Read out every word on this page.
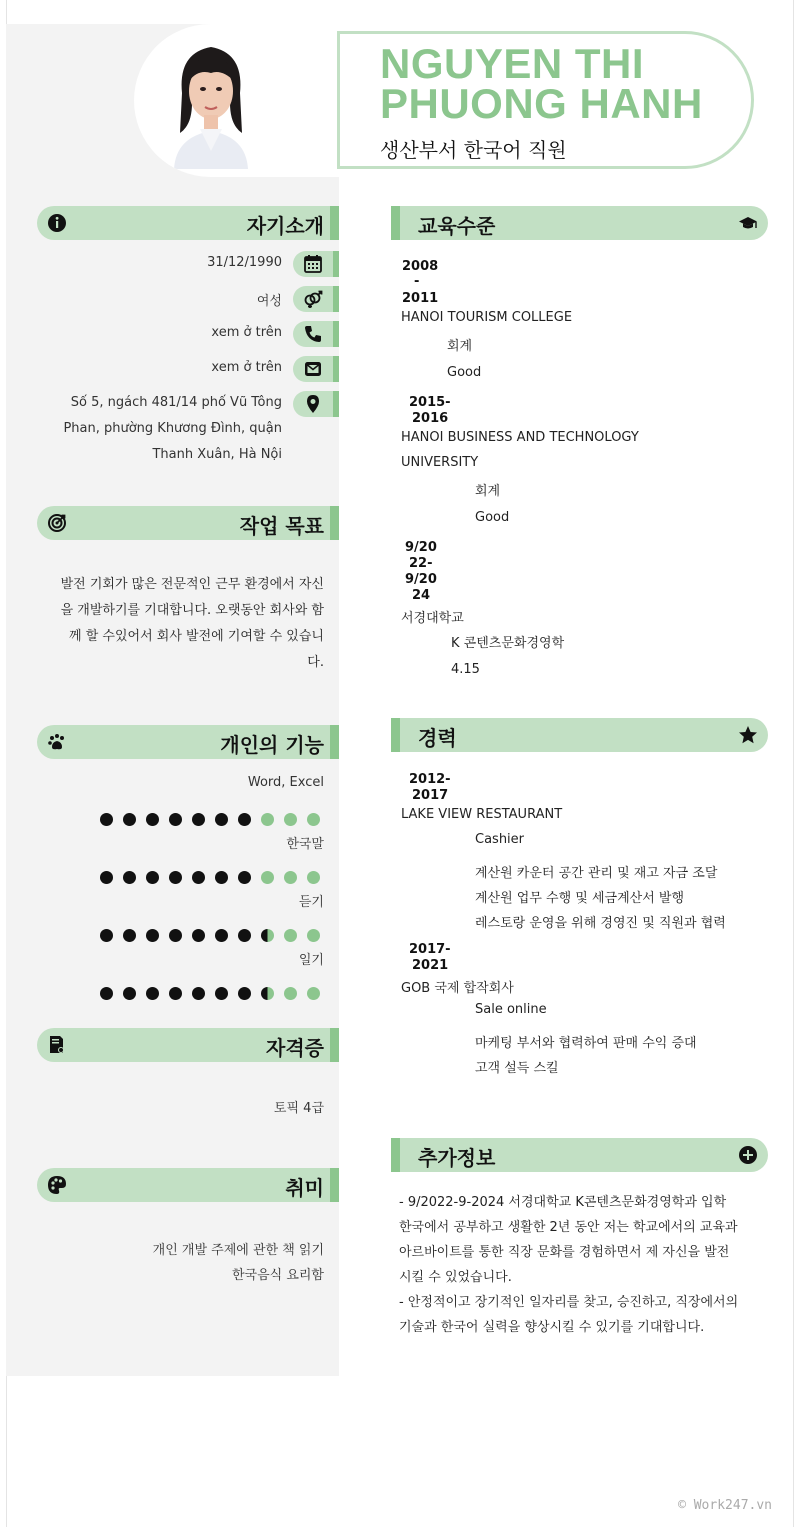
NGUYEN THI
PHUONG HANH
생산부서 한국어 직원
자기소개
31/12/1990
여성
xem ở trên
xem ở trên
Số 5, ngách 481/14 phố Vũ Tông
Phan, phường Khương Đình, quận
Thanh Xuân, Hà Nội
작업 목표
발전 기회가 많은 전문적인 근무 환경에서 자신
을 개발하기를 기대합니다. 오랫동안 회사와 함
께 할 수있어서 회사 발전에 기여할 수 있습니
다.
개인의 기능
Word, Excel
한국말
듣기
일기
자격증
토픽 4급
취미
개인 개발 주제에 관한 책 읽기
한국음식 요리함
교육수준
2008
-
2011
HANOI TOURISM COLLEGE
회계
Good
2015-
2016
HANOI BUSINESS AND TECHNOLOGY
UNIVERSITY
회계
Good
9/20
22-
9/20
24
서경대학교
K 콘텐츠문화경영학
4.15
경력
2012-
2017
LAKE VIEW RESTAURANT
Cashier
계산원 카운터 공간 관리 및 재고 자금 조달
계산원 업무 수행 및 세금계산서 발행
레스토랑 운영을 위해 경영진 및 직원과 협력
2017-
2021
GOB 국제 합작회사
Sale online
마케팅 부서와 협력하여 판매 수익 증대
고객 설득 스킬
추가정보
- 9/2022-9-2024 서경대학교 K콘텐츠문화경영학과 입학
한국에서 공부하고 생활한 2년 동안 저는 학교에서의 교육과
아르바이트를 통한 직장 문화를 경험하면서 제 자신을 발전
시킬 수 있었습니다.
- 안정적이고 장기적인 일자리를 찾고, 승진하고, 직장에서의
기술과 한국어 실력을 향상시킬 수 있기를 기대합니다.
© Work247.vn
